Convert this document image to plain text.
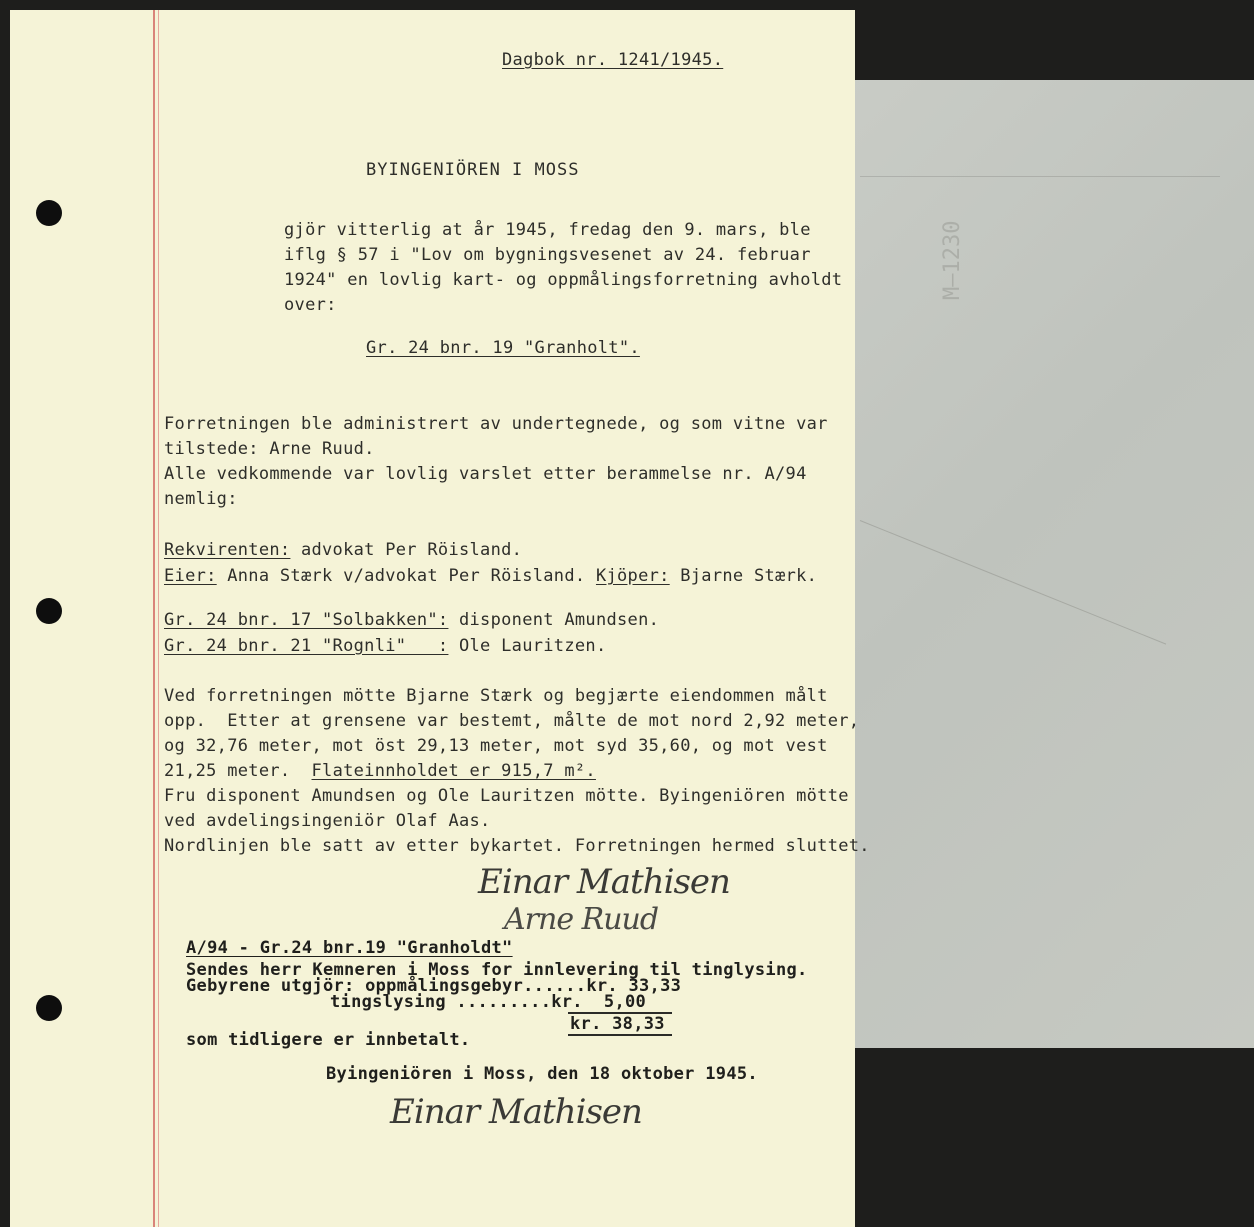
M–1230
Dagbok nr. 1241/1945.
BYINGENIÖREN I MOSS
gjör vitterlig at år 1945, fredag den 9. mars, ble
iflg § 57 i "Lov om bygningsvesenet av 24. februar
1924" en lovlig kart- og oppmålingsforretning avholdt
over:
Gr. 24 bnr. 19 "Granholt".
Forretningen ble administrert av undertegnede, og som vitne var
tilstede: Arne Ruud.
Alle vedkommende var lovlig varslet etter berammelse nr. A/94
nemlig:
Rekvirenten: advokat Per Röisland.
Eier: Anna Stærk v/advokat Per Röisland. Kjöper: Bjarne Stærk.
Gr. 24 bnr. 17 "Solbakken": disponent Amundsen.
Gr. 24 bnr. 21 "Rognli"   : Ole Lauritzen.
Ved forretningen mötte Bjarne Stærk og begjærte eiendommen målt
opp.  Etter at grensene var bestemt, målte de mot nord 2,92 meter,
og 32,76 meter, mot öst 29,13 meter, mot syd 35,60, og mot vest
21,25 meter.  Flateinnholdet er 915,7 m².
Fru disponent Amundsen og Ole Lauritzen mötte. Byingeniören mötte
ved avdelingsingeniör Olaf Aas.
Nordlinjen ble satt av etter bykartet. Forretningen hermed sluttet.
Einar Mathisen
Arne Ruud
A/94 - Gr.24 bnr.19 "Granholdt"
Sendes herr Kemneren i Moss for innlevering til tinglysing.
Gebyrene utgjör: oppmålingsgebyr......kr. 33,33
tingslysing .........kr.  5,00
kr. 38,33
som tidligere er innbetalt.
Byingeniören i Moss, den 18 oktober 1945.
Einar Mathisen
